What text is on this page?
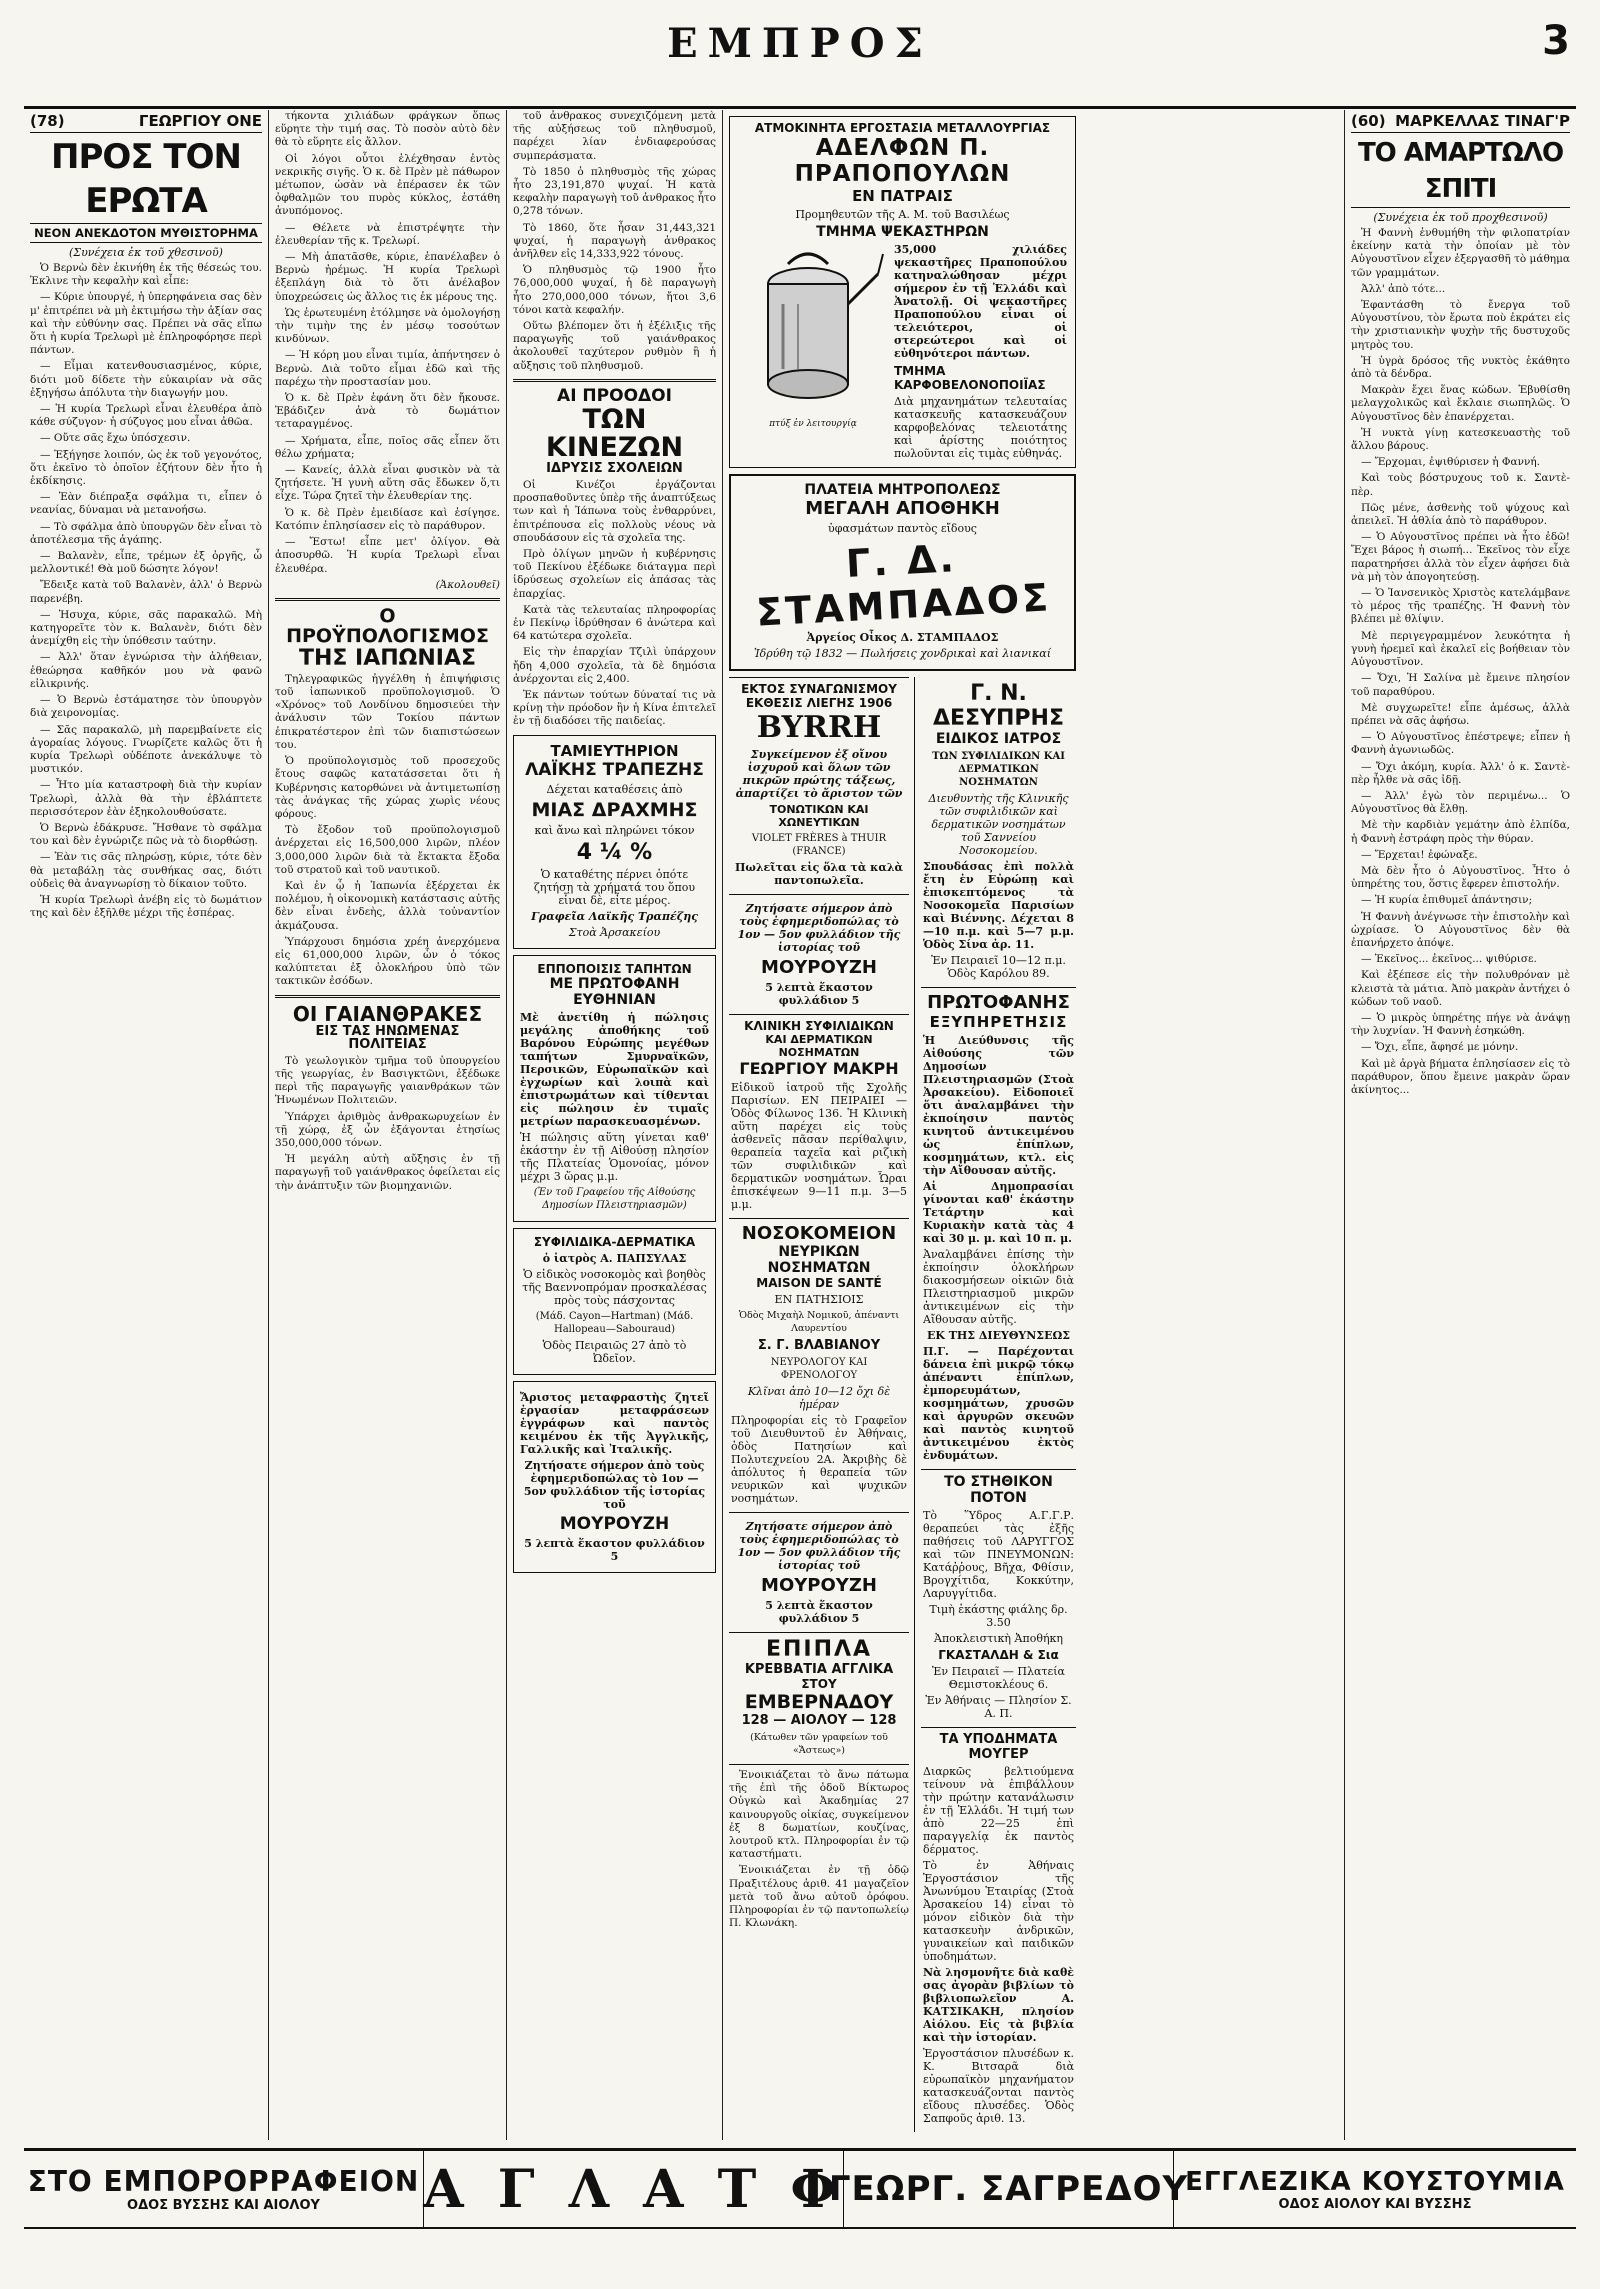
ΕΜΠΡΟΣ	3
(78)	ΓΕΩΡΓΙΟΥ ΟΝΕ
ΠΡΟΣ ΤΟΝ ΕΡΩΤΑ
ΝΕΟΝ ΑΝΕΚΔΟΤΟΝ ΜΥΘΙΣΤΟΡΗΜΑ
(Συνέχεια ἐκ τοῦ χθεσινοῦ)

Ὁ Βερνὼ δὲν ἐκινήθη ἐκ τῆς θέσεώς του. Ἐκλινε τὴν κεφαλὴν καὶ εἶπε:

— Κύριε ὑπουργέ, ἡ ὑπερηφάνεια σας δὲν μ' ἐπιτρέπει νὰ μὴ ἐκτιμήσω τὴν ἀξίαν σας καὶ τὴν εὐθύνην σας. Πρέπει νὰ σᾶς εἴπω ὅτι ἡ κυρία Τρελωρὶ μὲ ἐπληροφόρησε περὶ πάντων.

— Εἶμαι κατενθουσιασμένος, κύριε, διότι μοῦ δίδετε τὴν εὐκαιρίαν νὰ σᾶς ἐξηγήσω ἀπόλυτα τὴν διαγωγήν μου.

— Ἡ κυρία Τρελωρὶ εἶναι ἐλευθέρα ἀπὸ κάθε σύζυγον· ἡ σύζυγος μου εἶναι ἀθῶα.

— Οὔτε σᾶς ἔχω ὑπόσχεσιν.

— Ἐξήγησε λοιπόν, ὡς ἐκ τοῦ γεγονότος, ὅτι ἐκεῖνο τὸ ὁποῖον ἐζήτουν δὲν ἦτο ἡ ἐκδίκησις.

— Ἐὰν διέπραξα σφάλμα τι, εἶπεν ὁ νεανίας, δύναμαι νὰ μετανοήσω.

— Τὸ σφάλμα ἀπὸ ὑπουργῶν δὲν εἶναι τὸ ἀποτέλεσμα τῆς ἀγάπης.

— Βαλανὲν, εἶπε, τρέμων ἐξ ὀργῆς, ὦ μελλοντικέ! Θὰ μοῦ δώσητε λόγον!

Ἔδειξε κατὰ τοῦ Βαλανὲν, ἀλλ' ὁ Βερνὼ παρενέβη.

— Ἡσυχα, κύριε, σᾶς παρακαλῶ. Μὴ κατηγορεῖτε τὸν κ. Βαλανὲν, διότι δὲν ἀνεμίχθη εἰς τὴν ὑπόθεσιν ταύτην.

— Ἀλλ' ὅταν ἐγνώρισα τὴν ἀλήθειαν, ἐθεώρησα καθῆκόν μου νὰ φανῶ εἰλικρινής.

— Ὁ Βερνὼ ἐστάματησε τὸν ὑπουργὸν διὰ χειρονομίας.

— Σᾶς παρακαλῶ, μὴ παρεμβαίνετε εἰς ἀγοραίας λόγους. Γνωρίζετε καλῶς ὅτι ἡ κυρία Τρελωρὶ οὐδέποτε ἀνεκάλυψε τὸ μυστικόν.

— Ἦτο μία καταστροφὴ διὰ τὴν κυρίαν Τρελωρὶ, ἀλλὰ θὰ τὴν ἐβλάπτετε περισσότερον ἐὰν ἐξηκολουθούσατε.

Ὁ Βερνὼ ἐδάκρυσε. Ἤσθανε τὸ σφάλμα του καὶ δὲν ἐγνώριζε πῶς νὰ τὸ διορθώσῃ.

— Ἐὰν τις σᾶς πληρώσῃ, κύριε, τότε δὲν θὰ μεταβάλῃ τὰς συνθήκας σας, διότι οὐδεὶς θὰ ἀναγνωρίσῃ τὸ δίκαιον τοῦτο.

Ἡ κυρία Τρελωρὶ ἀνέβη εἰς τὸ δωμάτιον της καὶ δὲν ἐξῆλθε μέχρι τῆς ἑσπέρας.

τήκοντα χιλιάδων φράγκων ὅπως εὕρητε τὴν τιμή σας. Τὸ ποσὸν αὐτὸ δὲν θὰ τὸ εὕρητε εἰς ἄλλον.

Οἱ λόγοι οὗτοι ἐλέχθησαν ἐντὸς νεκρικῆς σιγῆς. Ὁ κ. δὲ Πρὲν μὲ πάθωρον μέτωπον, ὡσὰν νὰ ἐπέρασεν ἐκ τῶν ὀφθαλμῶν του πυρὸς κύκλος, ἐστάθη ἀνυπόμονος.

— Θέλετε νὰ ἐπιστρέψητε τὴν ἐλευθερίαν τῆς κ. Τρελωρί.

— Μὴ ἀπατᾶσθε, κύριε, ἐπανέλαβεν ὁ Βερνὼ ἠρέμως. Ἡ κυρία Τρελωρὶ ἐξεπλάγη διὰ τὸ ὅτι ἀνέλαβον ὑποχρεώσεις ὡς ἄλλος τις ἐκ μέρους της.

Ὡς ἐρωτευμένη ἐτόλμησε νὰ ὁμολογήσῃ τὴν τιμὴν της ἐν μέσῳ τοσούτων κινδύνων.

— Ἡ κόρη μου εἶναι τιμία, ἀπήντησεν ὁ Βερνὼ. Διὰ τοῦτο εἶμαι ἐδῶ καὶ τῆς παρέχω τὴν προστασίαν μου.

Ὁ κ. δὲ Πρὲν ἐφάνη ὅτι δὲν ἤκουσε. Ἐβάδιζεν ἀνὰ τὸ δωμάτιον τεταραγμένος.

— Χρήματα, εἶπε, ποῖος σᾶς εἶπεν ὅτι θέλω χρήματα;

— Κανείς, ἀλλὰ εἶναι φυσικὸν νὰ τὰ ζητήσετε. Ἡ γυνὴ αὕτη σᾶς ἔδωκεν ὅ,τι εἶχε. Τώρα ζητεῖ τὴν ἐλευθερίαν της.

Ὁ κ. δὲ Πρὲν ἐμειδίασε καὶ ἐσίγησε. Κατόπιν ἐπλησίασεν εἰς τὸ παράθυρον.

— Ἔστω! εἶπε μετ' ὀλίγον. Θὰ ἀποσυρθῶ. Ἡ κυρία Τρελωρὶ εἶναι ἐλευθέρα.

(Ἀκολουθεῖ)
Ο ΠΡΟΫΠΟΛΟΓΙΣΜΟΣ
ΤΗΣ ΙΑΠΩΝΙΑΣ

Τηλεγραφικῶς ἠγγέλθη ἡ ἐπιψήφισις τοῦ ἰαπωνικοῦ προϋπολογισμοῦ. Ὁ «Χρόνος» τοῦ Λονδίνου δημοσιεύει τὴν ἀνάλυσιν τῶν Τοκίου πάντων ἐπικρατέστερον ἐπὶ τῶν διαπιστώσεων του.

Ὁ προϋπολογισμὸς τοῦ προσεχοῦς ἔτους σαφῶς κατατάσσεται ὅτι ἡ Κυβέρνησις κατορθώνει νὰ ἀντιμετωπίσῃ τὰς ἀνάγκας τῆς χώρας χωρὶς νέους φόρους.

Τὸ ἔξοδον τοῦ προϋπολογισμοῦ ἀνέρχεται εἰς 16,500,000 λιρῶν, πλέον 3,000,000 λιρῶν διὰ τὰ ἔκτακτα ἔξοδα τοῦ στρατοῦ καὶ τοῦ ναυτικοῦ.

Καὶ ἐν ᾧ ἡ Ἰαπωνία ἐξέρχεται ἐκ πολέμου, ἡ οἰκονομικὴ κατάστασις αὐτῆς δὲν εἶναι ἐνδεὴς, ἀλλὰ τοὐναντίον ἀκμάζουσα.

Ὑπάρχουσι δημόσια χρέη ἀνερχόμενα εἰς 61,000,000 λιρῶν, ὧν ὁ τόκος καλύπτεται ἐξ ὁλοκλήρου ὑπὸ τῶν τακτικῶν ἐσόδων.

ΟΙ ΓΑΙΑΝΘΡΑΚΕΣ
ΕΙΣ ΤΑΣ ΗΝΩΜΕΝΑΣ ΠΟΛΙΤΕΙΑΣ

Τὸ γεωλογικὸν τμῆμα τοῦ ὑπουργείου τῆς γεωργίας, ἐν Βασιγκτῶνι, ἐξέδωκε περὶ τῆς παραγωγῆς γαιανθράκων τῶν Ἡνωμένων Πολιτειῶν.

Ὑπάρχει ἀριθμὸς ἀνθρακωρυχείων ἐν τῇ χώρᾳ, ἐξ ὧν ἐξάγονται ἐτησίως 350,000,000 τόνων.

Ἡ μεγάλη αὐτὴ αὔξησις ἐν τῇ παραγωγῇ τοῦ γαιάνθρακος ὀφείλεται εἰς τὴν ἀνάπτυξιν τῶν βιομηχανιῶν.

τοῦ ἀνθρακος συνεχιζόμενη μετὰ τῆς αὐξήσεως τοῦ πληθυσμοῦ, παρέχει λίαν ἐνδιαφερούσας συμπεράσματα.

Τὸ 1850 ὁ πληθυσμὸς τῆς χώρας ἦτο 23,191,870 ψυχαί. Ἡ κατὰ κεφαλὴν παραγωγὴ τοῦ ἀνθρακος ἦτο 0,278 τόνων.

Τὸ 1860, ὅτε ἦσαν 31,443,321 ψυχαί, ἡ παραγωγὴ ἀνθρακος ἀνῆλθεν εἰς 14,333,922 τόνους.

Ὁ πληθυσμὸς τῷ 1900 ἦτο 76,000,000 ψυχαί, ἡ δὲ παραγωγὴ ἦτο 270,000,000 τόνων, ἤτοι 3,6 τόνοι κατὰ κεφαλήν.

Οὕτω βλέπομεν ὅτι ἡ ἐξέλιξις τῆς παραγωγῆς τοῦ γαιάνθρακος ἀκολουθεῖ ταχύτερον ρυθμὸν ἢ ἡ αὔξησις τοῦ πληθυσμοῦ.

ΑΙ ΠΡΟΟΔΟΙ
ΤΩΝ ΚΙΝΕΖΩΝ
ΙΔΡΥΣΙΣ ΣΧΟΛΕΙΩΝ

Οἱ Κινέζοι ἐργάζονται προσπαθοῦντες ὑπὲρ τῆς ἀναπτύξεως των καὶ ἡ Ἰάπωνα τοὺς ἐνθαρρύνει, ἐπιτρέπουσα εἰς πολλοὺς νέους νὰ σπουδάσουν εἰς τὰ σχολεῖα της.

Πρὸ ὀλίγων μηνῶν ἡ κυβέρνησις τοῦ Πεκίνου ἐξέδωκε διάταγμα περὶ ἱδρύσεως σχολείων εἰς ἁπάσας τὰς ἐπαρχίας.

Κατὰ τὰς τελευταίας πληροφορίας ἐν Πεκίνῳ ἱδρύθησαν 6 ἀνώτερα καὶ 64 κατώτερα σχολεῖα.

Εἰς τὴν ἐπαρχίαν Τζιλὶ ὑπάρχουν ἤδη 4,000 σχολεῖα, τὰ δὲ δημόσια ἀνέρχονται εἰς 2,400.

Ἐκ πάντων τούτων δύναταί τις νὰ κρίνῃ τὴν πρόοδον ἣν ἡ Κίνα ἐπιτελεῖ ἐν τῇ διαδόσει τῆς παιδείας.

ΤΑΜΙΕΥΤΗΡΙΟΝ
ΛΑΪΚΗΣ ΤΡΑΠΕΖΗΣ

Δέχεται καταθέσεις ἀπὸ

ΜΙΑΣ ΔΡΑΧΜΗΣ

καὶ ἄνω καὶ πληρώνει τόκον

4 ¼ %

Ὁ καταθέτης πέρνει ὁπότε ζητήσῃ τὰ χρήματά του ὅπου εἶναι δὲ, εἶτε μέρος.

Γραφεῖα Λαϊκῆς Τραπέζης

Στοὰ Ἀρσακείου

ΕΠΠΟΠΟΙΣΙΣ ΤΑΠΗΤΩΝ
ΜΕ ΠΡΩΤΟΦΑΝΗ ΕΥΘΗΝΙΑΝ

Μὲ ἀνετίθη ἡ πώλησις μεγάλης ἀποθήκης τοῦ Βαρόνου Εὐρώπης μεγέθων ταπήτων Σμυρναϊκῶν, Περσικῶν, Εὐρωπαϊκῶν καὶ ἐγχωρίων καὶ λοιπὰ καὶ ἐπιστρωμάτων καὶ τίθενται εἰς πώλησιν ἐν τιμαῖς μετρίων παρασκευασμένων.

Ἡ πώλησις αὕτη γίνεται καθ' ἑκάστην ἐν τῇ Αἰθούσῃ πλησίον τῆς Πλατείας Ὁμονοίας, μόνον μέχρι 3 ὥρας μ.μ.

(Ἐν τοῦ Γραφείου τῆς Αἰθούσης Δημοσίων Πλειστηριασμῶν)

ΣΥΦΙΛΙΔΙΚΑ-ΔΕΡΜΑΤΙΚΑ

ὁ ἰατρὸς Α. ΠΑΠΣΥΛΑΣ

Ὁ εἰδικὸς νοσοκομὸς καὶ βοηθὸς τῆς Βαεννοπρόμαν προσκαλέσας πρὸς τοὺς πάσχοντας

(Μάδ. Cayon—Hartman) (Μάδ. Hallopeau—Sabouraud)

Ὁδὸς Πειραιῶς 27 ἀπὸ τὸ Ὠδεῖον.

Ἄριστος μεταφραστὴς ζητεῖ ἐργασίαν μεταφράσεων ἐγγράφων καὶ παντὸς κειμένου ἐκ τῆς Ἀγγλικῆς, Γαλλικῆς καὶ Ἰταλικῆς.

Ζητήσατε σήμερον ἀπὸ τοὺς ἐφημεριδοπώλας τὸ 1ον — 5ον φυλλάδιον τῆς ἱστορίας τοῦ

ΜΟΥΡΟΥΖΗ

5 λεπτὰ ἕκαστον φυλλάδιον 5

ΑΤΜΟΚΙΝΗΤΑ ΕΡΓΟΣΤΑΣΙΑ ΜΕΤΑΛΛΟΥΡΓΙΑΣ
ΑΔΕΛΦΩΝ Π. ΠΡΑΠΟΠΟΥΛΩΝ
ΕΝ ΠΑΤΡΑΙΣ

Προμηθευτῶν τῆς Α. Μ. τοῦ Βασιλέως

ΤΜΗΜΑ ΨΕΚΑΣΤΗΡΩΝ

πτύξ ἐν λειτουργίᾳ

35,000 χιλιάδες ψεκαστῆρες Πραποπούλου κατηναλώθησαν μέχρι σήμερον ἐν τῇ Ἑλλάδι καὶ Ἀνατολῇ. Οἱ ψεκαστῆρες Πραποπούλου εἶναι οἱ τελειότεροι, οἱ στερεώτεροι καὶ οἱ εὐθηνότεροι πάντων.

ΤΜΗΜΑ ΚΑΡΦΟΒΕΛΟΝΟΠΟΙΪΑΣ

Διὰ μηχανημάτων τελευταίας κατασκευῆς κατασκευάζουν καρφοβελόνας τελειοτάτης καὶ ἀρίστης ποιότητος πωλοῦνται εἰς τιμὰς εὐθηνάς.

ΠΛΑΤΕΙΑ ΜΗΤΡΟΠΟΛΕΩΣ
ΜΕΓΑΛΗ ΑΠΟΘΗΚΗ

ὑφασμάτων παντὸς εἴδους

Γ. Δ. ΣΤΑΜΠΑΔΟΣ

Ἀργείος Οἶκος Δ. ΣΤΑΜΠΑΔΟΣ

Ἱδρύθη τῷ 1832 — Πωλήσεις χονδρικαὶ καὶ λιανικαί

ΕΚΤΟΣ ΣΥΝΑΓΩΝΙΣΜΟΥ
ΕΚΘΕΣΙΣ ΛΙΕΓΗΣ 1906
BYRRH

Συγκείμενον ἐξ οἴνου ἰσχυροῦ καὶ ὅλων τῶν πικρῶν πρώτης τάξεως, ἀπαρτίζει τὸ ἄριστον τῶν

ΤΟΝΩΤΙΚΩΝ ΚΑΙ ΧΩΝΕΥΤΙΚΩΝ

VIOLET FRÈRES à THUIR (FRANCE)

Πωλεῖται εἰς ὅλα τὰ καλὰ παντοπωλεῖα.

Ζητήσατε σήμερον ἀπὸ τοὺς ἐφημεριδοπώλας τὸ 1ον — 5ον φυλλάδιον τῆς ἱστορίας τοῦ

ΜΟΥΡΟΥΖΗ

5 λεπτὰ ἕκαστον φυλλάδιον 5

ΚΛΙΝΙΚΗ ΣΥΦΙΛΙΔΙΚΩΝ
ΚΑΙ ΔΕΡΜΑΤΙΚΩΝ ΝΟΣΗΜΑΤΩΝ
ΓΕΩΡΓΙΟΥ ΜΑΚΡΗ

Εἰδικοῦ ἰατροῦ τῆς Σχολῆς Παρισίων. ΕΝ ΠΕΙΡΑΙΕΙ — Ὁδὸς Φίλωνος 136. Ἡ Κλινικὴ αὕτη παρέχει εἰς τοὺς ἀσθενεῖς πᾶσαν περίθαλψιν, θεραπεία ταχεῖα καὶ ριζικὴ τῶν συφιλιδικῶν καὶ δερματικῶν νοσημάτων. Ὧραι ἐπισκέψεων 9—11 π.μ. 3—5 μ.μ.

ΝΟΣΟΚΟΜΕΙΟΝ
ΝΕΥΡΙΚΩΝ ΝΟΣΗΜΑΤΩΝ
MAISON DE SANTÉ

ΕΝ ΠΑΤΗΣΙΟΙΣ

Ὁδὸς Μιχαὴλ Νομικοῦ, ἀπέναντι Λαυρεντίου

Σ. Γ. ΒΛΑΒΙΑΝΟΥ

ΝΕΥΡΟΛΟΓΟΥ ΚΑΙ ΦΡΕΝΟΛΟΓΟΥ

Κλῖναι ἀπὸ 10—12 ὄχι δὲ ἡμέραν

Πληροφορίαι εἰς τὸ Γραφεῖον τοῦ Διευθυντοῦ ἐν Ἀθήναις, ὁδὸς Πατησίων καὶ Πολυτεχνείου 2Α. Ἀκριβὴς δὲ ἀπόλυτος ἡ θεραπεία τῶν νευρικῶν καὶ ψυχικῶν νοσημάτων.

Ζητήσατε σήμερον ἀπὸ τοὺς ἐφημεριδοπώλας τὸ 1ον — 5ον φυλλάδιον τῆς ἱστορίας τοῦ

ΜΟΥΡΟΥΖΗ

5 λεπτὰ ἕκαστον φυλλάδιον 5

ΕΠΙΠΛΑ
ΚΡΕΒΒΑΤΙΑ ΑΓΓΛΙΚΑ
ΣΤΟΥ
ΕΜΒΕΡΝΑΔΟΥ
128 — ΑΙΟΛΟΥ — 128

(Κάτωθεν τῶν γραφείων τοῦ «Ἄστεως»)

Ἐνοικιάζεται τὸ ἄνω πάτωμα τῆς ἐπὶ τῆς ὁδοῦ Βίκτωρος Οὐγκὼ καὶ Ἀκαδημίας 27 καινουργοῦς οἰκίας, συγκείμενον ἐξ 8 δωματίων, κουζίνας, λουτροῦ κτλ. Πληροφορίαι ἐν τῷ καταστήματι.

Ἐνοικιάζεται ἐν τῇ ὁδῷ Πραξιτέλους ἀριθ. 41 μαγαζεῖον μετὰ τοῦ ἄνω αὐτοῦ ὀρόφου. Πληροφορίαι ἐν τῷ παντοπωλείῳ Π. Κλωνάκη.

Γ. Ν. ΔΕΣΥΠΡΗΣ
ΕΙΔΙΚΟΣ ΙΑΤΡΟΣ

ΤΩΝ ΣΥΦΙΛΙΔΙΚΩΝ ΚΑΙ ΔΕΡΜΑΤΙΚΩΝ ΝΟΣΗΜΑΤΩΝ

Διευθυντὴς τῆς Κλινικῆς τῶν συφιλιδικῶν καὶ δερματικῶν νοσημάτων τοῦ Σαννείου Νοσοκομείου.

Σπουδάσας ἐπὶ πολλὰ ἔτη ἐν Εὐρώπῃ καὶ ἐπισκεπτόμενος τὰ Νοσοκομεῖα Παρισίων καὶ Βιέννης. Δέχεται 8—10 π.μ. καὶ 5—7 μ.μ. Ὁδὸς Σίνα ἀρ. 11.

Ἐν Πειραιεῖ 10—12 π.μ. Ὁδὸς Καρόλου 89.

ΠΡΩΤΟΦΑΝΗΣ
ΕΞΥΠΗΡΕΤΗΣΙΣ

Ἡ Διεύθυνσις τῆς Αἰθούσης τῶν Δημοσίων Πλειστηριασμῶν (Στοὰ Ἀρσακείου). Εἰδοποιεῖ ὅτι ἀναλαμβάνει τὴν ἐκποίησιν παντὸς κινητοῦ ἀντικειμένου ὡς ἐπίπλων, κοσμημάτων, κτλ. εἰς τὴν Αἴθουσαν αὐτῆς.

Αἱ Δημοπρασίαι γίνονται καθ' ἑκάστην Τετάρτην καὶ Κυριακὴν κατὰ τὰς 4 καὶ 30 μ. μ. καὶ 10 π. μ.

Ἀναλαμβάνει ἐπίσης τὴν ἐκποίησιν ὁλοκλήρων διακοσμήσεων οἰκιῶν διὰ Πλειστηριασμοῦ μικρῶν ἀντικειμένων εἰς τὴν Αἴθουσαν αὐτῆς.

ΕΚ ΤΗΣ ΔΙΕΥΘΥΝΣΕΩΣ

Π.Γ. — Παρέχονται δάνεια ἐπὶ μικρῷ τόκῳ ἀπέναντι ἐπίπλων, ἐμπορευμάτων, κοσμημάτων, χρυσῶν καὶ ἀργυρῶν σκευῶν καὶ παντὸς κινητοῦ ἀντικειμένου ἐκτὸς ἐνδυμάτων.

ΤΟ ΣΤΗΘΙΚΟΝ ΠΟΤΟΝ

Τὸ Ὕδρος Α.Γ.Γ.Ρ. θεραπεύει τὰς ἐξῆς παθήσεις τοῦ ΛΑΡΥΓΓΟΣ καὶ τῶν ΠΝΕΥΜΟΝΩΝ: Κατάῤῥους, Βῆχα, Φθίσιν, Βρογχίτιδα, Κοκκύτην, Λαρυγγίτιδα.

Τιμὴ ἑκάστης φιάλης δρ. 3.50

Ἀποκλειστικὴ Ἀποθήκη

ΓΚΑΣΤΑΛΔΗ & Σια

Ἐν Πειραιεῖ — Πλατεία Θεμιστοκλέους 6.

Ἐν Ἀθήναις — Πλησίον Σ. Α. Π.

ΤΑ ΥΠΟΔΗΜΑΤΑ ΜΟΥΓΕΡ

Διαρκῶς βελτιούμενα τείνουν νὰ ἐπιβάλλουν τὴν πρώτην κατανάλωσιν ἐν τῇ Ἑλλάδι. Ἡ τιμή των ἀπὸ 22—25 ἐπὶ παραγγελίᾳ ἐκ παντὸς δέρματος.

Τὸ ἐν Ἀθήναις Ἐργοστάσιον τῆς Ἀνωνύμου Ἑταιρίας (Στοὰ Ἀρσακείου 14) εἶναι τὸ μόνον εἰδικὸν διὰ τὴν κατασκευὴν ἀνδρικῶν, γυναικείων καὶ παιδικῶν ὑποδημάτων.

Νὰ λησμονῆτε διὰ καθὲ σας ἀγορὰν βιβλίων τὸ βιβλιοπωλεῖον Α. ΚΑΤΣΙΚΑΚΗ, πλησίον Αἰόλου. Εἰς τὰ βιβλία καὶ τὴν ἱστορίαν.

Ἐργοστάσιον πλυσέδων κ. Κ. Βιτσαρᾶ διὰ εὐρωπαϊκὸν μηχανήματον κατασκευάζονται παντὸς εἴδους πλυσέδες. Ὁδὸς Σαπφοῦς ἀριθ. 13.

(60) ΜΑΡΚΕΛΛΑΣ ΤΙΝΑΓ'Ρ
ΤΟ ΑΜΑΡΤΩΛΟ ΣΠΙΤΙ
(Συνέχεια ἐκ τοῦ προχθεσινοῦ)

Ἡ Φαννὴ ἐνθυμήθη τὴν φιλοπατρίαν ἐκείνην κατὰ τὴν ὁποίαν μὲ τὸν Αὐγουστῖνον εἶχεν ἐξεργασθῆ τὸ μάθημα τῶν γραμμάτων.

Ἀλλ' ἀπὸ τότε...

Ἐφαντάσθη τὸ ἔνεργα τοῦ Αὐγουστίνου, τὸν ἔρωτα ποὺ ἐκράτει εἰς τὴν χριστιανικὴν ψυχὴν τῆς δυστυχοῦς μητρὸς του.

Ἡ ὑγρὰ δρόσος τῆς νυκτὸς ἐκάθητο ἀπὸ τὰ δένδρα.

Μακρὰν ἔχει ἕνας κώδων. Ἐβυθίσθη μελαγχολικῶς καὶ ἔκλαιε σιωπηλῶς. Ὁ Αὐγουστῖνος δὲν ἐπανέρχεται.

Ἡ νυκτὰ γίνῃ κατεσκευαστὴς τοῦ ἄλλου βάρους.

— Ἔρχομαι, ἐψιθύρισεν ἡ Φαννή.

Καὶ τοὺς βόστρυχους τοῦ κ. Σαντὲ-πὲρ.

Πῶς μένε, ἀσθενὴς τοῦ ψύχους καὶ ἀπειλεῖ. Ἡ ἀθλία ἀπὸ τὸ παράθυρον.

— Ὁ Αὐγουστῖνος πρέπει νὰ ἦτο ἐδῶ! Ἔχει βάρος ἡ σιωπή... Ἐκεῖνος τὸν εἶχε παρατηρήσει ἀλλὰ τὸν εἶχεν ἀφήσει διὰ νὰ μὴ τὸν ἀπογοητεύσῃ.

— Ὁ Ἰανσενικὸς Χριστὸς κατελάμβανε τὸ μέρος τῆς τραπέζης. Ἡ Φαννὴ τὸν βλέπει μὲ θλίψιν.

Μὲ περιγεγραμμένον λευκότητα ἡ γυνὴ ἠρεμεῖ καὶ ἐκαλεῖ εἰς βοήθειαν τὸν Αὐγουστῖνον.

— Ὄχι, Ἡ Σαλίνα μὲ ἔμεινε πλησίον τοῦ παραθύρου.

Μὲ συγχωρεῖτε! εἶπε ἀμέσως, ἀλλὰ πρέπει νὰ σᾶς ἀφήσω.

— Ὁ Αὐγουστῖνος ἐπέστρεψε; εἶπεν ἡ Φαννὴ ἀγωνιωδῶς.

— Ὄχι ἀκόμη, κυρία. Ἀλλ' ὁ κ. Σαντὲ-πὲρ ἦλθε νὰ σᾶς ἰδῇ.

— Ἀλλ' ἐγὼ τὸν περιμένω... Ὁ Αὐγουστῖνος θὰ ἔλθῃ.

Μὲ τὴν καρδιὰν γεμάτην ἀπὸ ἐλπίδα, ἡ Φαννὴ ἐστράφη πρὸς τὴν θύραν.

— Ἔρχεται! ἐφώναξε.

Μὰ δὲν ἦτο ὁ Αὐγουστῖνος. Ἦτο ὁ ὑπηρέτης του, ὅστις ἔφερεν ἐπιστολήν.

— Ἡ κυρία ἐπιθυμεῖ ἀπάντησιν;

Ἡ Φαννὴ ἀνέγνωσε τὴν ἐπιστολὴν καὶ ὠχρίασε. Ὁ Αὐγουστῖνος δὲν θὰ ἐπανήρχετο ἀπόψε.

— Ἐκεῖνος... ἐκεῖνος... ψιθύρισε.

Καὶ ἐξέπεσε εἰς τὴν πολυθρόναν μὲ κλειστὰ τὰ μάτια. Ἀπὸ μακρὰν ἀντήχει ὁ κώδων τοῦ ναοῦ.

— Ὁ μικρὸς ὑπηρέτης πήγε νὰ ἀνάψῃ τὴν λυχνίαν. Ἡ Φαννὴ ἐσηκώθη.

— Ὄχι, εἶπε, ἄφησέ με μόνην.

Καὶ μὲ ἀργὰ βήματα ἐπλησίασεν εἰς τὸ παράθυρον, ὅπου ἔμεινε μακρὰν ὥραν ἀκίνητος...

ΣΤΟ ΕΜΠΟΡΟΡΡΑΦΕΙΟΝ
ΟΔΟΣ ΒΥΣΣΗΣ ΚΑΙ ΑΙΟΛΟΥ Α Γ Λ Α Τ Φ
ΓΕΩΡΓ. ΣΑΓΡΕΔΟΥ
ΕΓΓΛΕΖΙΚΑ ΚΟΥΣΤΟΥΜΙΑ
ΟΔΟΣ ΑΙΟΛΟΥ ΚΑΙ ΒΥΣΣΗΣ
